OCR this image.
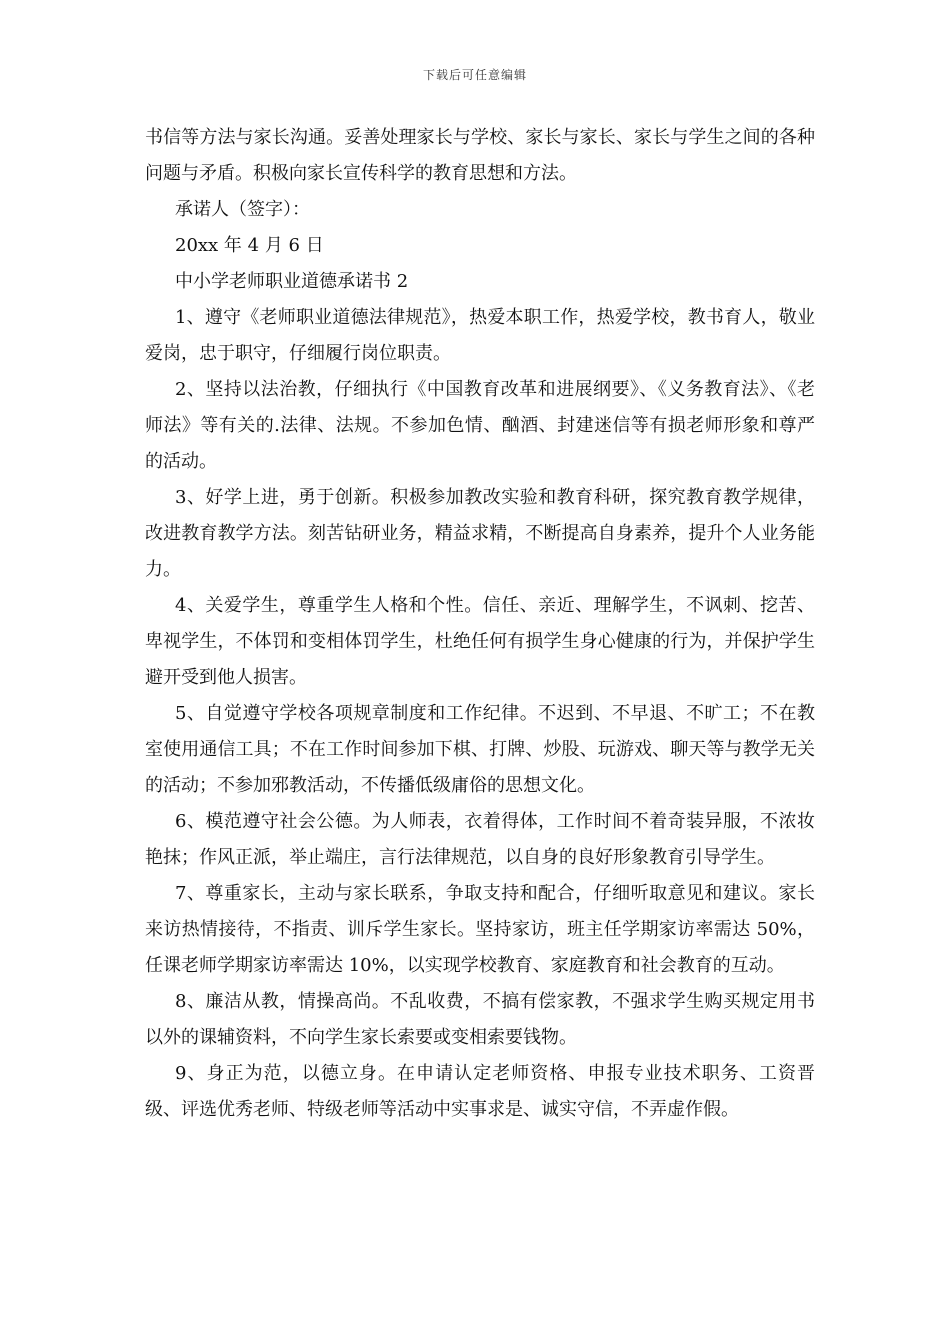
下载后可任意编辑

书信等方法与家长沟通。妥善处理家长与学校、家长与家长、家长与学生之间的各种问题与矛盾。积极向家长宣传科学的教育思想和方法。

承诺人（签字）：

20xx 年 4 月 6 日

中小学老师职业道德承诺书 2

1、遵守《老师职业道德法律规范》，热爱本职工作，热爱学校，教书育人，敬业爱岗，忠于职守，仔细履行岗位职责。

2、坚持以法治教，仔细执行《中国教育改革和进展纲要》、《义务教育法》、《老师法》等有关的.法律、法规。不参加色情、酗酒、封建迷信等有损老师形象和尊严的活动。

3、好学上进，勇于创新。积极参加教改实验和教育科研，探究教育教学规律，改进教育教学方法。刻苦钻研业务，精益求精，不断提高自身素养，提升个人业务能力。

4、关爱学生，尊重学生人格和个性。信任、亲近、理解学生，不讽刺、挖苦、卑视学生，不体罚和变相体罚学生，杜绝任何有损学生身心健康的行为，并保护学生避开受到他人损害。

5、自觉遵守学校各项规章制度和工作纪律。不迟到、不早退、不旷工；不在教室使用通信工具；不在工作时间参加下棋、打牌、炒股、玩游戏、聊天等与教学无关的活动；不参加邪教活动，不传播低级庸俗的思想文化。

6、模范遵守社会公德。为人师表，衣着得体，工作时间不着奇装异服，不浓妆艳抹；作风正派，举止端庄，言行法律规范，以自身的良好形象教育引导学生。

7、尊重家长，主动与家长联系，争取支持和配合，仔细听取意见和建议。家长来访热情接待，不指责、训斥学生家长。坚持家访，班主任学期家访率需达 50%，任课老师学期家访率需达 10%，以实现学校教育、家庭教育和社会教育的互动。

8、廉洁从教，情操高尚。不乱收费，不搞有偿家教，不强求学生购买规定用书以外的课辅资料，不向学生家长索要或变相索要钱物。

9、身正为范，以德立身。在申请认定老师资格、申报专业技术职务、工资晋级、评选优秀老师、特级老师等活动中实事求是、诚实守信，不弄虚作假。
